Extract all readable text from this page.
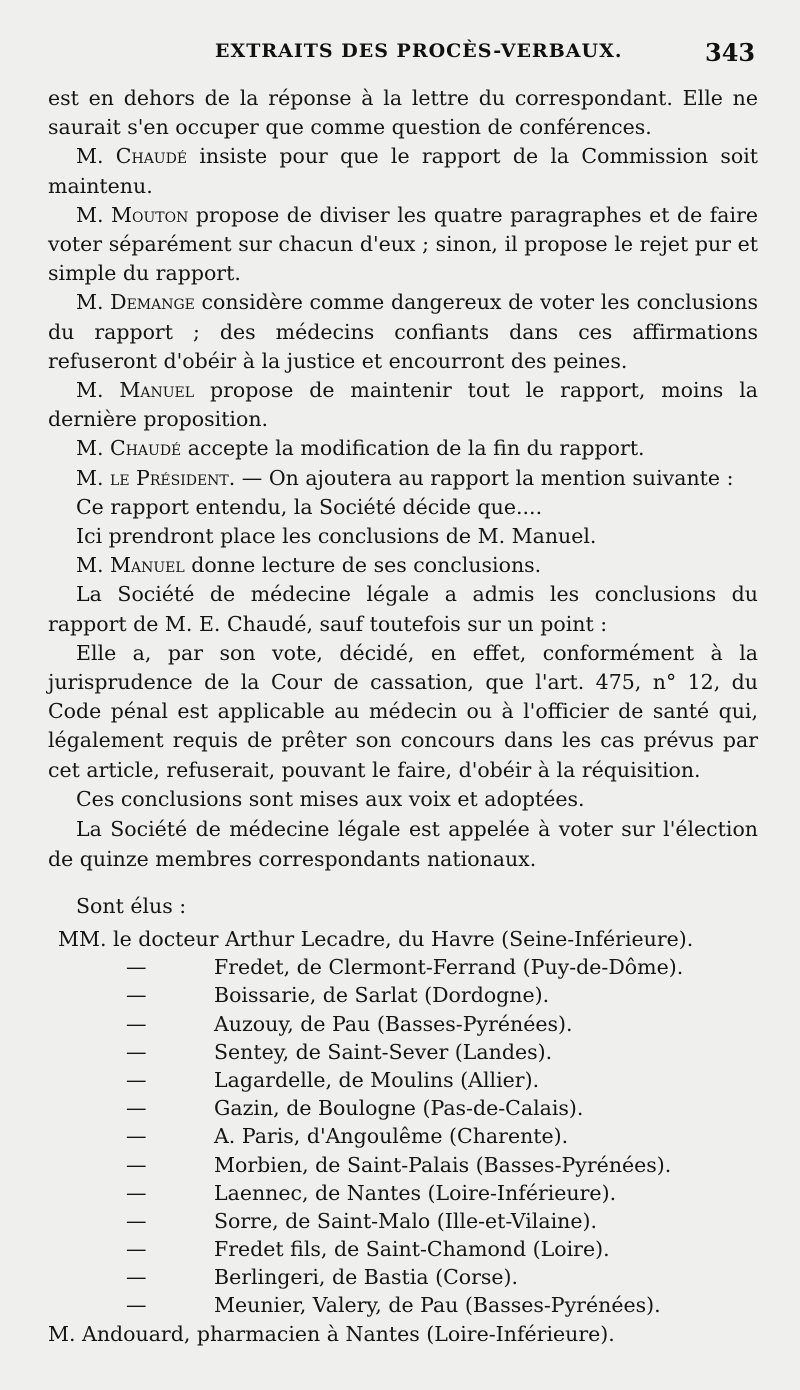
EXTRAITS DES PROCÈS-VERBAUX.	343

est en dehors de la réponse à la lettre du correspondant. Elle ne saurait s'en occuper que comme question de conférences.

M. Chaudé insiste pour que le rapport de la Commission soit maintenu.

M. Mouton propose de diviser les quatre paragraphes et de faire voter séparément sur chacun d'eux ; sinon, il propose le rejet pur et simple du rapport.

M. Demange considère comme dangereux de voter les conclusions du rapport ; des médecins confiants dans ces affirmations refuseront d'obéir à la justice et encourront des peines.

M. Manuel propose de maintenir tout le rapport, moins la dernière proposition.

M. Chaudé accepte la modification de la fin du rapport.

M. le Président. — On ajoutera au rapport la mention suivante :

Ce rapport entendu, la Société décide que....

Ici prendront place les conclusions de M. Manuel.

M. Manuel donne lecture de ses conclusions.

La Société de médecine légale a admis les conclusions du rapport de M. E. Chaudé, sauf toutefois sur un point :

Elle a, par son vote, décidé, en effet, conformément à la jurisprudence de la Cour de cassation, que l'art. 475, n° 12, du Code pénal est applicable au médecin ou à l'officier de santé qui, légalement requis de prêter son concours dans les cas prévus par cet article, refuserait, pouvant le faire, d'obéir à la réquisition.

Ces conclusions sont mises aux voix et adoptées.

La Société de médecine légale est appelée à voter sur l'élection de quinze membres correspondants nationaux.

Sont élus :

MM. le docteur Arthur Lecadre, du Havre (Seine-Inférieure).
—	Fredet, de Clermont-Ferrand (Puy-de-Dôme).
—	Boissarie, de Sarlat (Dordogne).
—	Auzouy, de Pau (Basses-Pyrénées).
—	Sentey, de Saint-Sever (Landes).
—	Lagardelle, de Moulins (Allier).
—	Gazin, de Boulogne (Pas-de-Calais).
—	A. Paris, d'Angoulême (Charente).
—	Morbien, de Saint-Palais (Basses-Pyrénées).
—	Laennec, de Nantes (Loire-Inférieure).
—	Sorre, de Saint-Malo (Ille-et-Vilaine).
—	Fredet fils, de Saint-Chamond (Loire).
—	Berlingeri, de Bastia (Corse).
—	Meunier, Valery, de Pau (Basses-Pyrénées).
M. Andouard, pharmacien à Nantes (Loire-Inférieure).
